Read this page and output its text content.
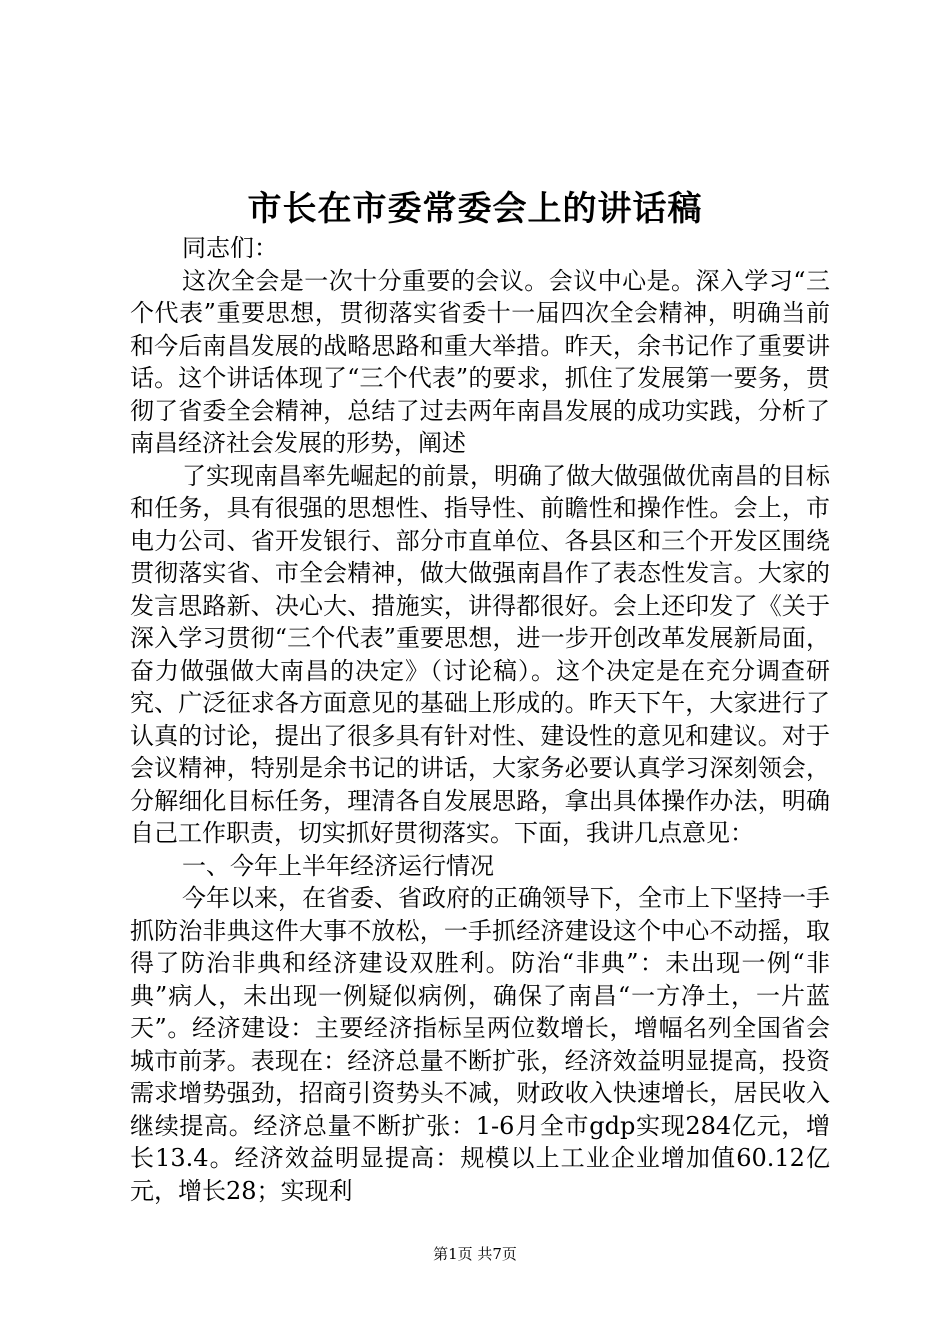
市长在市委常委会上的讲话稿

同志们：

这次全会是一次十分重要的会议。会议中心是。深入学习“三个代表”重要思想，贯彻落实省委十一届四次全会精神，明确当前和今后南昌发展的战略思路和重大举措。昨天，余书记作了重要讲话。这个讲话体现了“三个代表”的要求，抓住了发展第一要务，贯彻了省委全会精神，总结了过去两年南昌发展的成功实践，分析了南昌经济社会发展的形势，阐述

了实现南昌率先崛起的前景，明确了做大做强做优南昌的目标和任务，具有很强的思想性、指导性、前瞻性和操作性。会上，市电力公司、省开发银行、部分市直单位、各县区和三个开发区围绕贯彻落实省、市全会精神，做大做强南昌作了表态性发言。大家的发言思路新、决心大、措施实，讲得都很好。会上还印发了《关于深入学习贯彻“三个代表”重要思想，进一步开创改革发展新局面，奋力做强做大南昌的决定》（讨论稿）。这个决定是在充分调查研究、广泛征求各方面意见的基础上形成的。昨天下午，大家进行了认真的讨论，提出了很多具有针对性、建设性的意见和建议。对于会议精神，特别是余书记的讲话，大家务必要认真学习深刻领会，分解细化目标任务，理清各自发展思路，拿出具体操作办法，明确自己工作职责，切实抓好贯彻落实。下面，我讲几点意见：

一、今年上半年经济运行情况

今年以来，在省委、省政府的正确领导下，全市上下坚持一手抓防治非典这件大事不放松，一手抓经济建设这个中心不动摇，取得了防治非典和经济建设双胜利。防治“非典”：未出现一例“非典”病人，未出现一例疑似病例，确保了南昌“一方净土，一片蓝天”。经济建设：主要经济指标呈两位数增长，增幅名列全国省会城市前茅。表现在：经济总量不断扩张，经济效益明显提高，投资需求增势强劲，招商引资势头不减，财政收入快速增长，居民收入继续提高。经济总量不断扩张：1-6月全市gdp实现284亿元，增长13.4。经济效益明显提高：规模以上工业企业增加值60.12亿元，增长28；实现利

第1页 共7页
